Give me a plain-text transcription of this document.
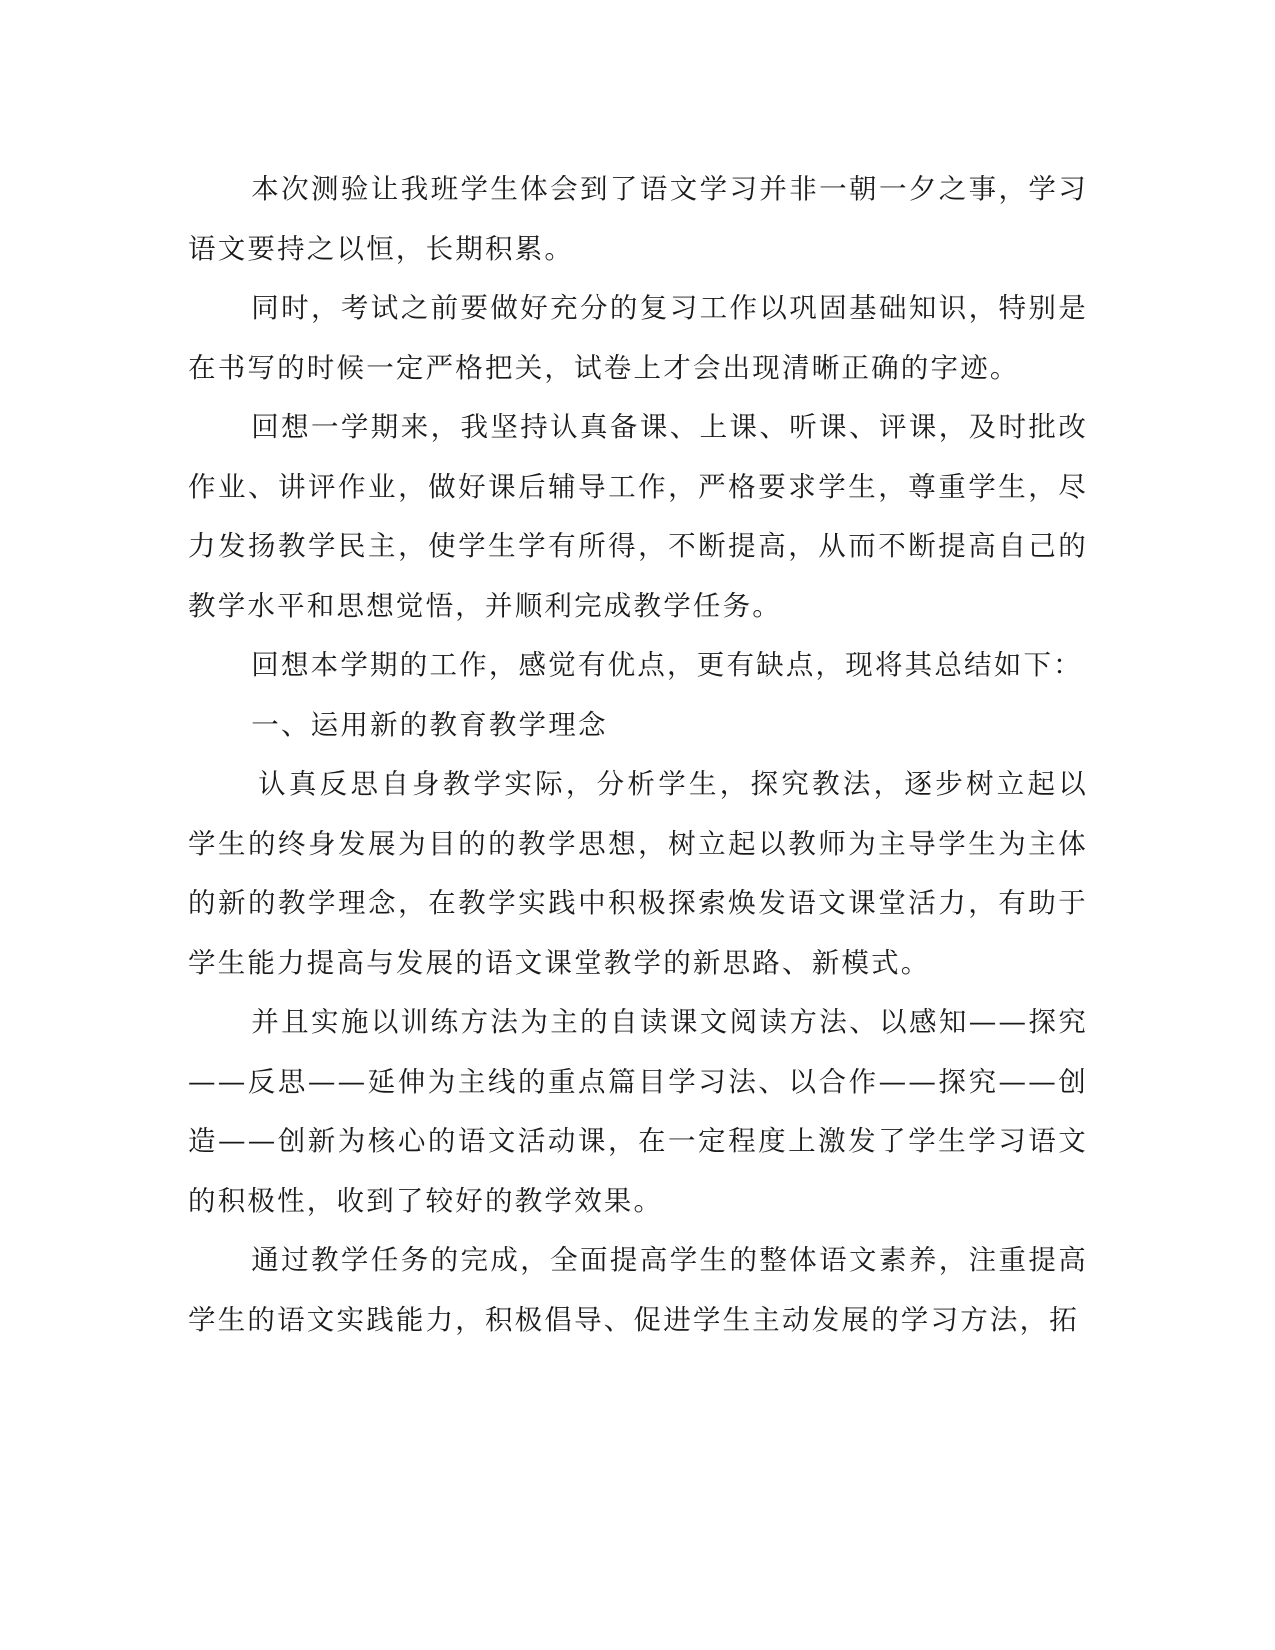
本次测验让我班学生体会到了语文学习并非一朝一夕之事，学习语文要持之以恒，长期积累。

同时，考试之前要做好充分的复习工作以巩固基础知识，特别是在书写的时候一定严格把关，试卷上才会出现清晰正确的字迹。

回想一学期来，我坚持认真备课、上课、听课、评课，及时批改作业、讲评作业，做好课后辅导工作，严格要求学生，尊重学生，尽力发扬教学民主，使学生学有所得，不断提高，从而不断提高自己的教学水平和思想觉悟，并顺利完成教学任务。

回想本学期的工作，感觉有优点，更有缺点，现将其总结如下：

一、运用新的教育教学理念

认真反思自身教学实际，分析学生，探究教法，逐步树立起以学生的终身发展为目的的教学思想，树立起以教师为主导学生为主体的新的教学理念，在教学实践中积极探索焕发语文课堂活力，有助于学生能力提高与发展的语文课堂教学的新思路、新模式。

并且实施以训练方法为主的自读课文阅读方法、以感知——探究——反思——延伸为主线的重点篇目学习法、以合作——探究——创造——创新为核心的语文活动课，在一定程度上激发了学生学习语文的积极性，收到了较好的教学效果。

通过教学任务的完成，全面提高学生的整体语文素养，注重提高学生的语文实践能力，积极倡导、促进学生主动发展的学习方法，拓
